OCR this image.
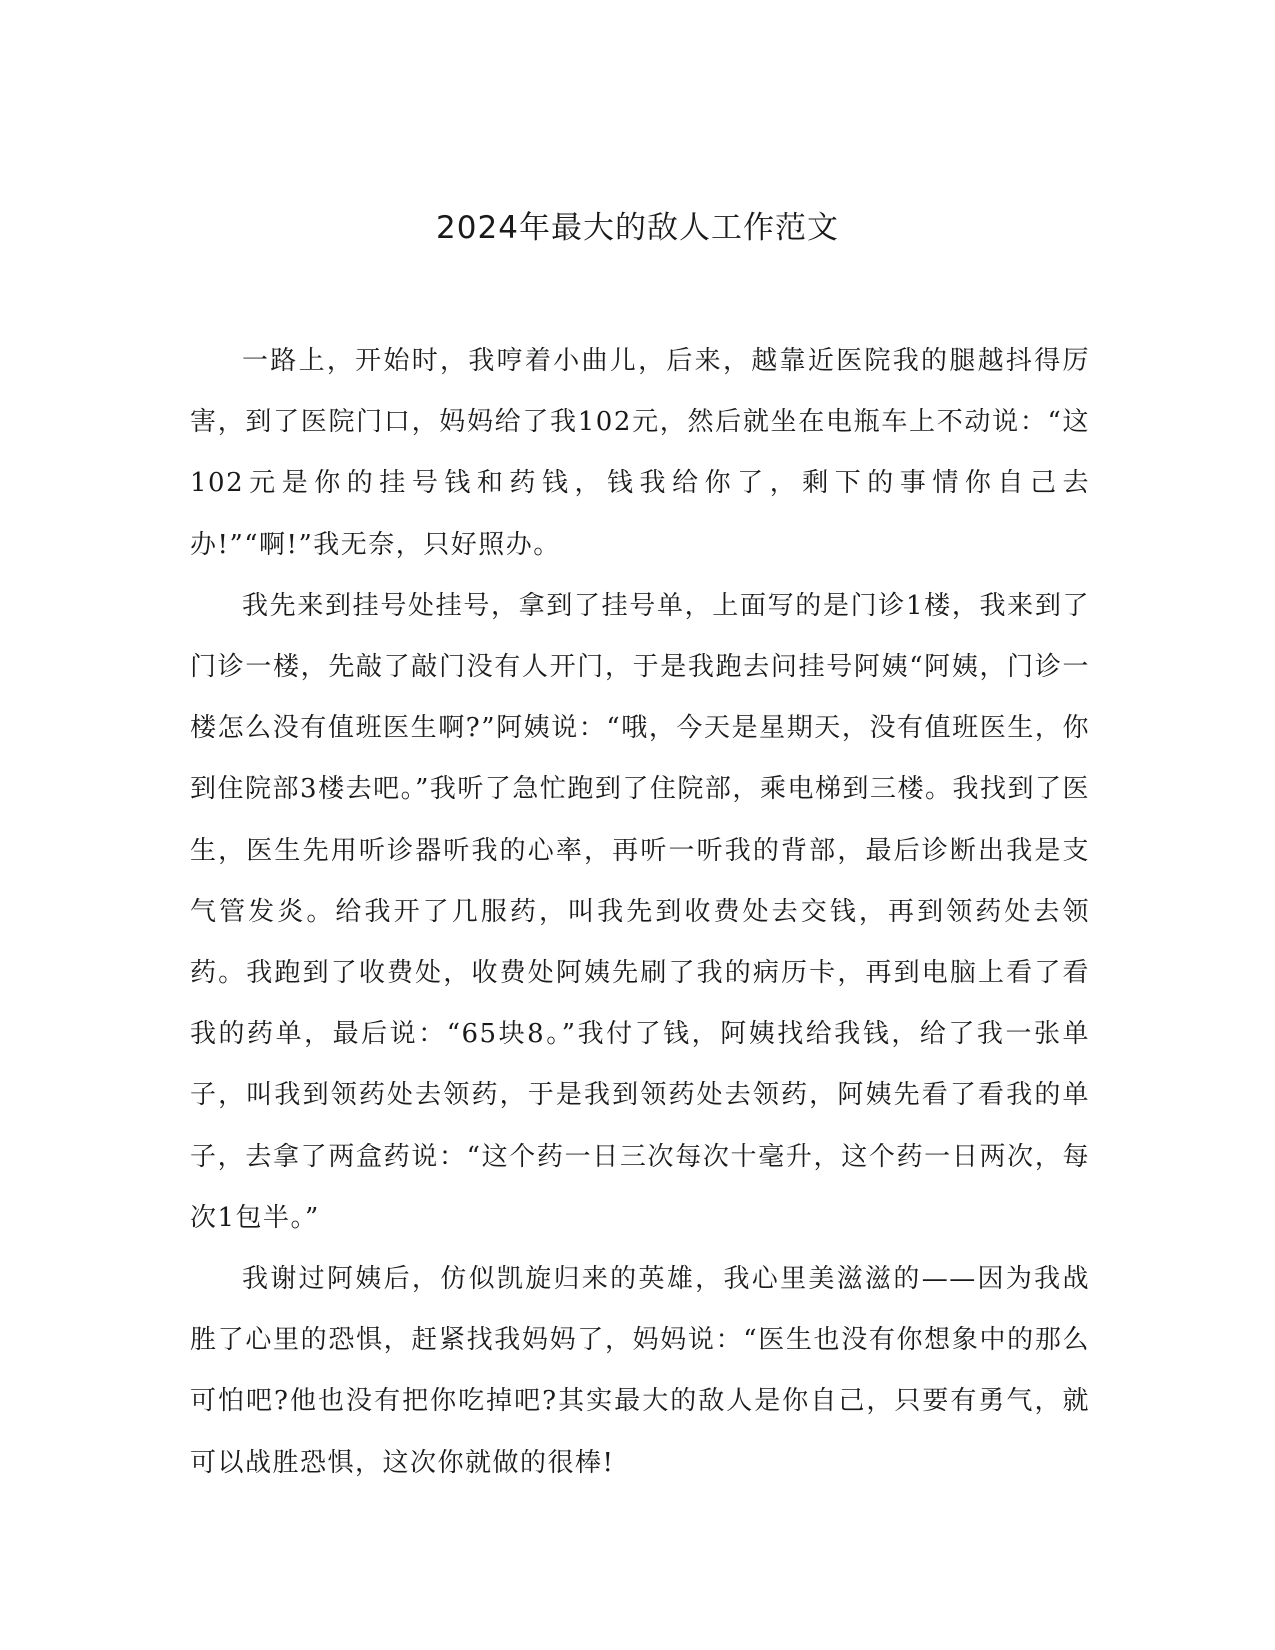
2024年最大的敌人工作范文

一路上，开始时，我哼着小曲儿，后来，越靠近医院我的腿越抖得厉害，到了医院门口，妈妈给了我102元，然后就坐在电瓶车上不动说：“这102元是你的挂号钱和药钱，钱我给你了，剩下的事情你自己去办!”“啊!”我无奈，只好照办。

我先来到挂号处挂号，拿到了挂号单，上面写的是门诊1楼，我来到了门诊一楼，先敲了敲门没有人开门，于是我跑去问挂号阿姨“阿姨，门诊一楼怎么没有值班医生啊?”阿姨说：“哦，今天是星期天，没有值班医生，你到住院部3楼去吧。”我听了急忙跑到了住院部，乘电梯到三楼。我找到了医生，医生先用听诊器听我的心率，再听一听我的背部，最后诊断出我是支气管发炎。给我开了几服药，叫我先到收费处去交钱，再到领药处去领药。我跑到了收费处，收费处阿姨先刷了我的病历卡，再到电脑上看了看我的药单，最后说：“65块8。”我付了钱，阿姨找给我钱，给了我一张单子，叫我到领药处去领药，于是我到领药处去领药，阿姨先看了看我的单子，去拿了两盒药说：“这个药一日三次每次十毫升，这个药一日两次，每次1包半。”

我谢过阿姨后，仿似凯旋归来的英雄，我心里美滋滋的——因为我战胜了心里的恐惧，赶紧找我妈妈了，妈妈说：“医生也没有你想象中的那么可怕吧?他也没有把你吃掉吧?其实最大的敌人是你自己，只要有勇气，就可以战胜恐惧，这次你就做的很棒!
